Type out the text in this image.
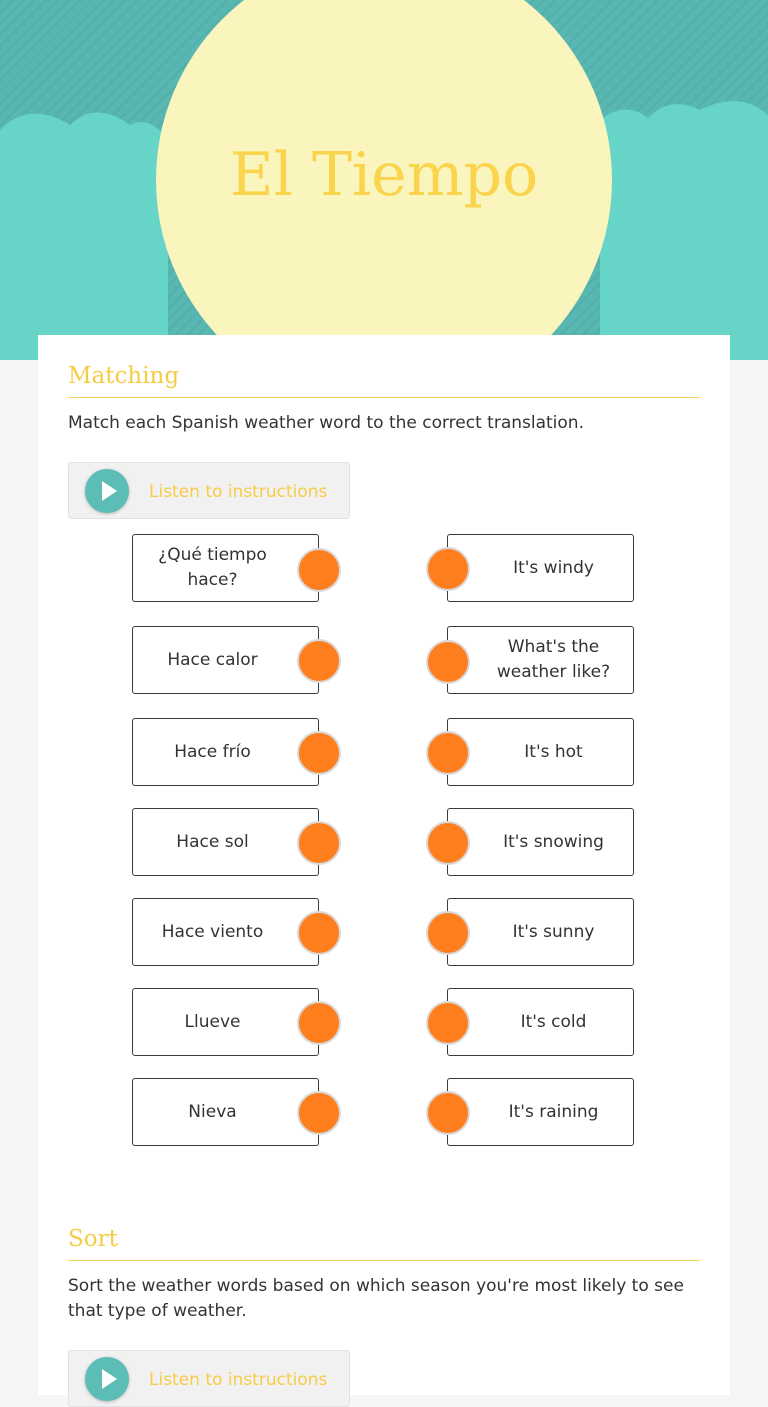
El Tiempo
Matching
Match each Spanish weather word to the correct translation.
Listen to instructions
¿Qué tiempo hace?
Hace calor
Hace frío
Hace sol
Hace viento
Llueve
Nieva
It's windy
What's the weather like?
It's hot
It's snowing
It's sunny
It's cold
It's raining
Sort
Sort the weather words based on which season you're most likely to see that type of weather.
Listen to instructions
